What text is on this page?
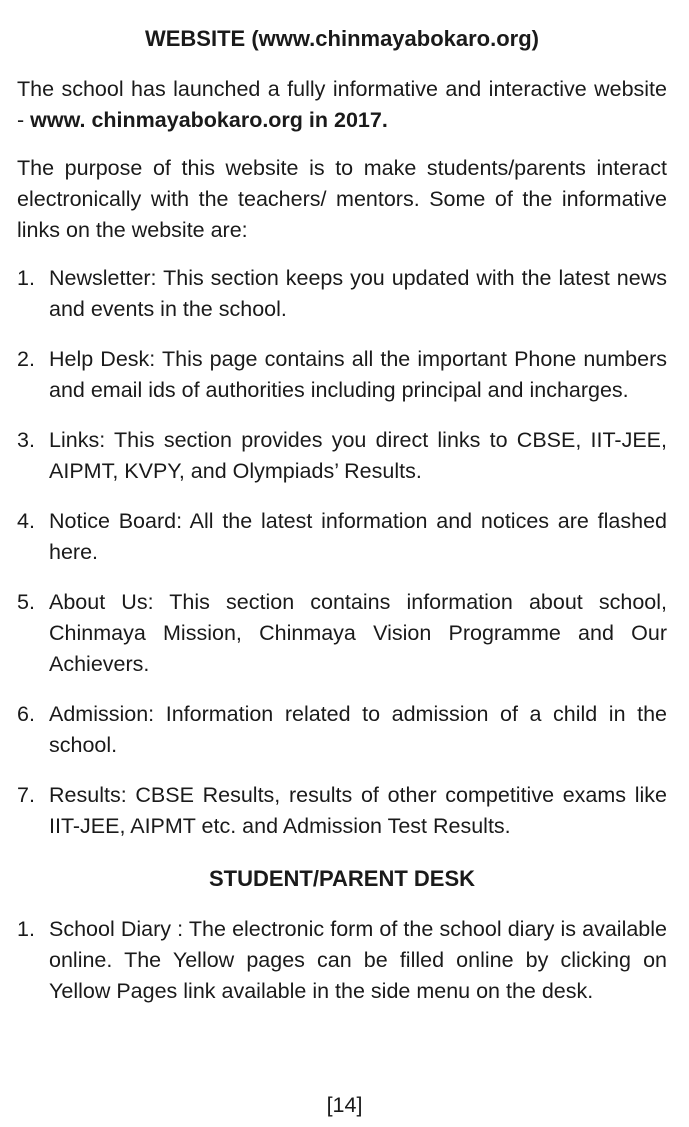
WEBSITE (www.chinmayabokaro.org)

The school has launched a fully informative and interactive website - www. chinmayabokaro.org in 2017.

The purpose of this website is to make students/parents interact electronically with the teachers/ mentors. Some of the informative links on the website are:

1. Newsletter: This section keeps you updated with the latest news and events in the school.
2. Help Desk: This page contains all the important Phone numbers and email ids of authorities including principal and incharges.
3. Links: This section provides you direct links to CBSE, IIT-JEE, AIPMT, KVPY, and Olympiads’ Results.
4. Notice Board: All the latest information and notices are flashed here.
5. About Us: This section contains information about school, Chinmaya Mission, Chinmaya Vision Programme and Our Achievers.
6. Admission: Information related to admission of a child in the school.
7. Results: CBSE Results, results of other competitive exams like IIT-JEE, AIPMT etc. and Admission Test Results.
STUDENT/PARENT DESK
1. School Diary : The electronic form of the school diary is available online. The Yellow pages can be filled online by clicking on Yellow Pages link available in the side menu on the desk.
[14]
